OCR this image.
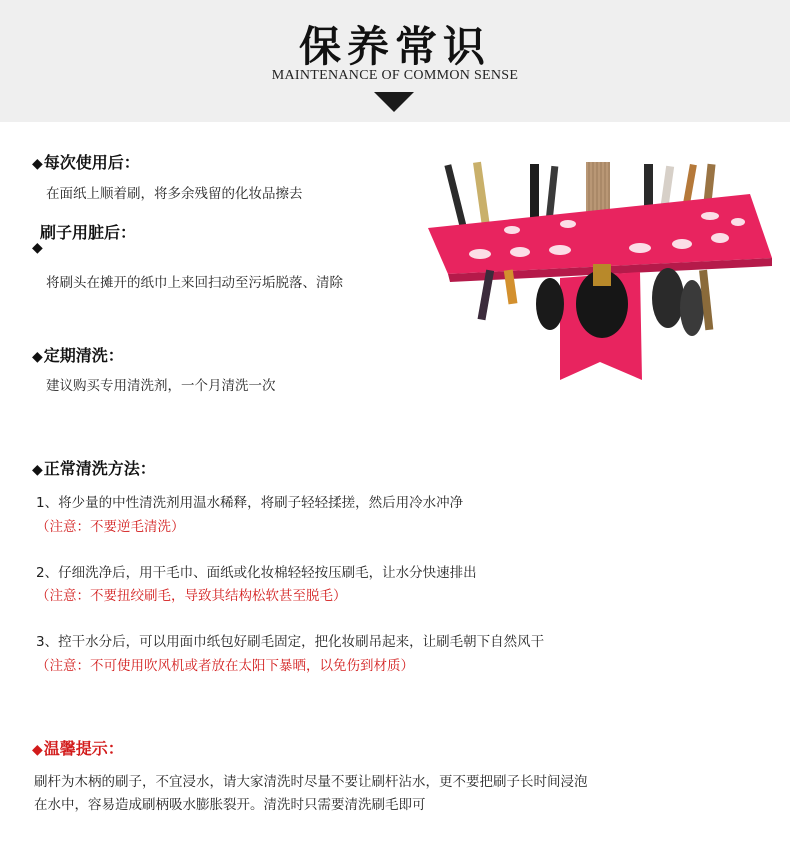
保养常识
MAINTENANCE OF COMMON SENSE
◆每次使用后：
在面纸上顺着刷，将多余残留的化妆品擦去
刷子用脏后：
◆
将刷头在摊开的纸巾上来回扫动至污垢脱落、清除
◆定期清洗：
建议购买专用清洗剂，一个月清洗一次
◆正常清洗方法：
1、将少量的中性清洗剂用温水稀释，将刷子轻轻揉搓，然后用冷水冲净
（注意：不要逆毛清洗）
2、仔细洗净后，用干毛巾、面纸或化妆棉轻轻按压刷毛，让水分快速排出
（注意：不要扭绞刷毛，导致其结构松软甚至脱毛）
3、控干水分后，可以用面巾纸包好刷毛固定，把化妆刷吊起来，让刷毛朝下自然风干
（注意：不可使用吹风机或者放在太阳下暴晒，以免伤到材质）
◆温馨提示：
刷杆为木柄的刷子，不宜浸水，请大家清洗时尽量不要让刷杆沾水，更不要把刷子长时间浸泡
在水中，容易造成刷柄吸水膨胀裂开。清洗时只需要清洗刷毛即可
